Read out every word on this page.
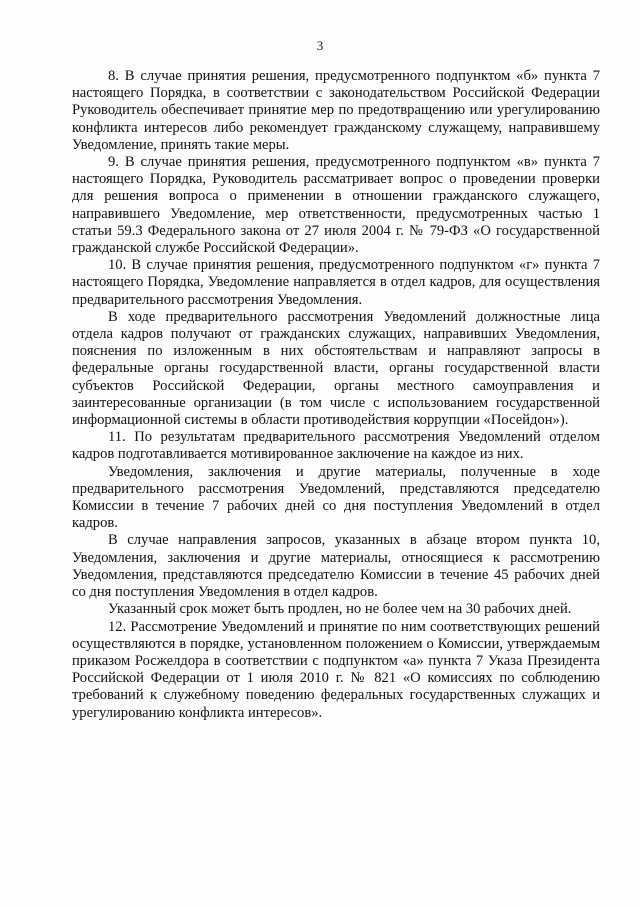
3

8. В случае принятия решения, предусмотренного подпунктом «б» пункта 7 настоящего Порядка, в соответствии с законодательством Российской Федерации Руководитель обеспечивает принятие мер по предотвращению или урегулированию конфликта интересов либо рекомендует гражданскому служащему, направившему Уведомление, принять такие меры.

9. В случае принятия решения, предусмотренного подпунктом «в» пункта 7 настоящего Порядка, Руководитель рассматривает вопрос о проведении проверки для решения вопроса о применении в отношении гражданского служащего, направившего Уведомление, мер ответственности, предусмотренных частью 1 статьи 59.3 Федерального закона от 27 июля 2004 г. № 79-ФЗ «О государственной гражданской службе Российской Федерации».

10. В случае принятия решения, предусмотренного подпунктом «г» пункта 7 настоящего Порядка, Уведомление направляется в отдел кадров, для осуществления предварительного рассмотрения Уведомления.

В ходе предварительного рассмотрения Уведомлений должностные лица отдела кадров получают от гражданских служащих, направивших Уведомления, пояснения по изложенным в них обстоятельствам и направляют запросы в федеральные органы государственной власти, органы государственной власти субъектов Российской Федерации, органы местного самоуправления и заинтересованные организации (в том числе с использованием государственной информационной системы в области противодействия коррупции «Посейдон»).

11. По результатам предварительного рассмотрения Уведомлений отделом кадров подготавливается мотивированное заключение на каждое из них.

Уведомления, заключения и другие материалы, полученные в ходе предварительного рассмотрения Уведомлений, представляются председателю Комиссии в течение 7 рабочих дней со дня поступления Уведомлений в отдел кадров.

В случае направления запросов, указанных в абзаце втором пункта 10, Уведомления, заключения и другие материалы, относящиеся к рассмотрению Уведомления, представляются председателю Комиссии в течение 45 рабочих дней со дня поступления Уведомления в отдел кадров.

Указанный срок может быть продлен, но не более чем на 30 рабочих дней.

12. Рассмотрение Уведомлений и принятие по ним соответствующих решений осуществляются в порядке, установленном положением о Комиссии, утверждаемым приказом Росжелдора в соответствии с подпунктом «а» пункта 7 Указа Президента Российской Федерации от 1 июля 2010 г. № 821 «О комиссиях по соблюдению требований к служебному поведению федеральных государственных служащих и урегулированию конфликта интересов».
